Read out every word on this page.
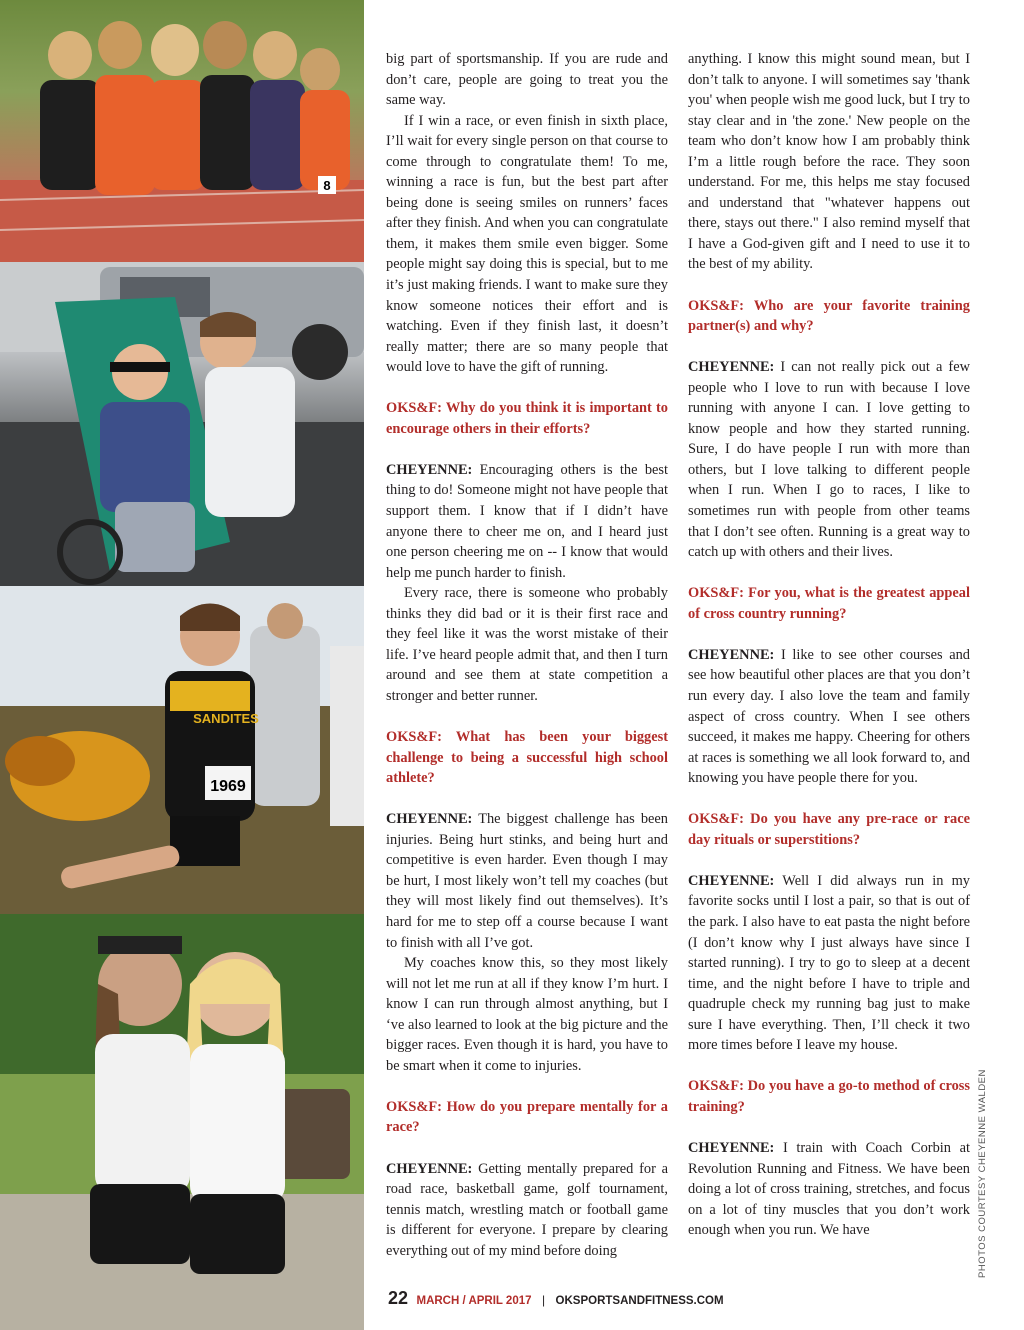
8
SANDITES
1969

big part of sportsmanship. If you are rude and don’t care, people are going to treat you the same way.

If I win a race, or even finish in sixth place, I’ll wait for every single person on that course to come through to congratulate them! To me, winning a race is fun, but the best part after being done is seeing smiles on runners’ faces after they finish. And when you can congratulate them, it makes them smile even bigger. Some people might say doing this is special, but to me it’s just making friends. I want to make sure they know someone notices their effort and is watching. Even if they finish last, it doesn’t really matter; there are so many people that would love to have the gift of running.

OKS&F: Why do you think it is important to encourage others in their efforts?

CHEYENNE: Encouraging others is the best thing to do! Someone might not have people that support them. I know that if I didn’t have anyone there to cheer me on, and I heard just one person cheering me on -- I know that would help me punch harder to finish.

Every race, there is someone who probably thinks they did bad or it is their first race and they feel like it was the worst mistake of their life. I’ve heard people admit that, and then I turn around and see them at state competition a stronger and better runner.

OKS&F: What has been your biggest challenge to being a successful high school athlete?

CHEYENNE: The biggest challenge has been injuries. Being hurt stinks, and being hurt and competitive is even harder. Even though I may be hurt, I most likely won’t tell my coaches (but they will most likely find out themselves). It’s hard for me to step off a course because I want to finish with all I’ve got.

My coaches know this, so they most likely will not let me run at all if they know I’m hurt. I know I can run through almost anything, but I ‘ve also learned to look at the big picture and the bigger races. Even though it is hard, you have to be smart when it come to injuries.

OKS&F: How do you prepare mentally for a race?

CHEYENNE: Getting mentally prepared for a road race, basketball game, golf tournament, tennis match, wrestling match or football game is different for everyone. I prepare by clearing everything out of my mind before doing

anything. I know this might sound mean, but I don’t talk to anyone. I will sometimes say 'thank you' when people wish me good luck, but I try to stay clear and in 'the zone.' New people on the team who don’t know how I am probably think I’m a little rough before the race. They soon understand. For me, this helps me stay focused and understand that "whatever happens out there, stays out there." I also remind myself that I have a God-given gift and I need to use it to the best of my ability.

OKS&F: Who are your favorite training partner(s) and why?

CHEYENNE: I can not really pick out a few people who I love to run with because I love running with anyone I can. I love getting to know people and how they started running. Sure, I do have people I run with more than others, but I love talking to different people when I run. When I go to races, I like to sometimes run with people from other teams that I don’t see often. Running is a great way to catch up with others and their lives.

OKS&F: For you, what is the greatest appeal of cross country running?

CHEYENNE: I like to see other courses and see how beautiful other places are that you don’t run every day. I also love the team and family aspect of cross country. When I see others succeed, it makes me happy. Cheering for others at races is something we all look forward to, and knowing you have people there for you.

OKS&F: Do you have any pre-race or race day rituals or superstitions?

CHEYENNE: Well I did always run in my favorite socks until I lost a pair, so that is out of the park. I also have to eat pasta the night before (I don’t know why I just always have since I started running). I try to go to sleep at a decent time, and the night before I have to triple and quadruple check my running bag just to make sure I have everything. Then, I’ll check it two more times before I leave my house.

OKS&F: Do you have a go-to method of cross training?

CHEYENNE: I train with Coach Corbin at Revolution Running and Fitness. We have been doing a lot of cross training, stretches, and focus on a lot of tiny muscles that you don’t work enough when you run. We have	PHOTOS COURTESY CHEYENNE WALDEN
22 MARCH / APRIL 2017 | OKSPORTSANDFITNESS.COM
